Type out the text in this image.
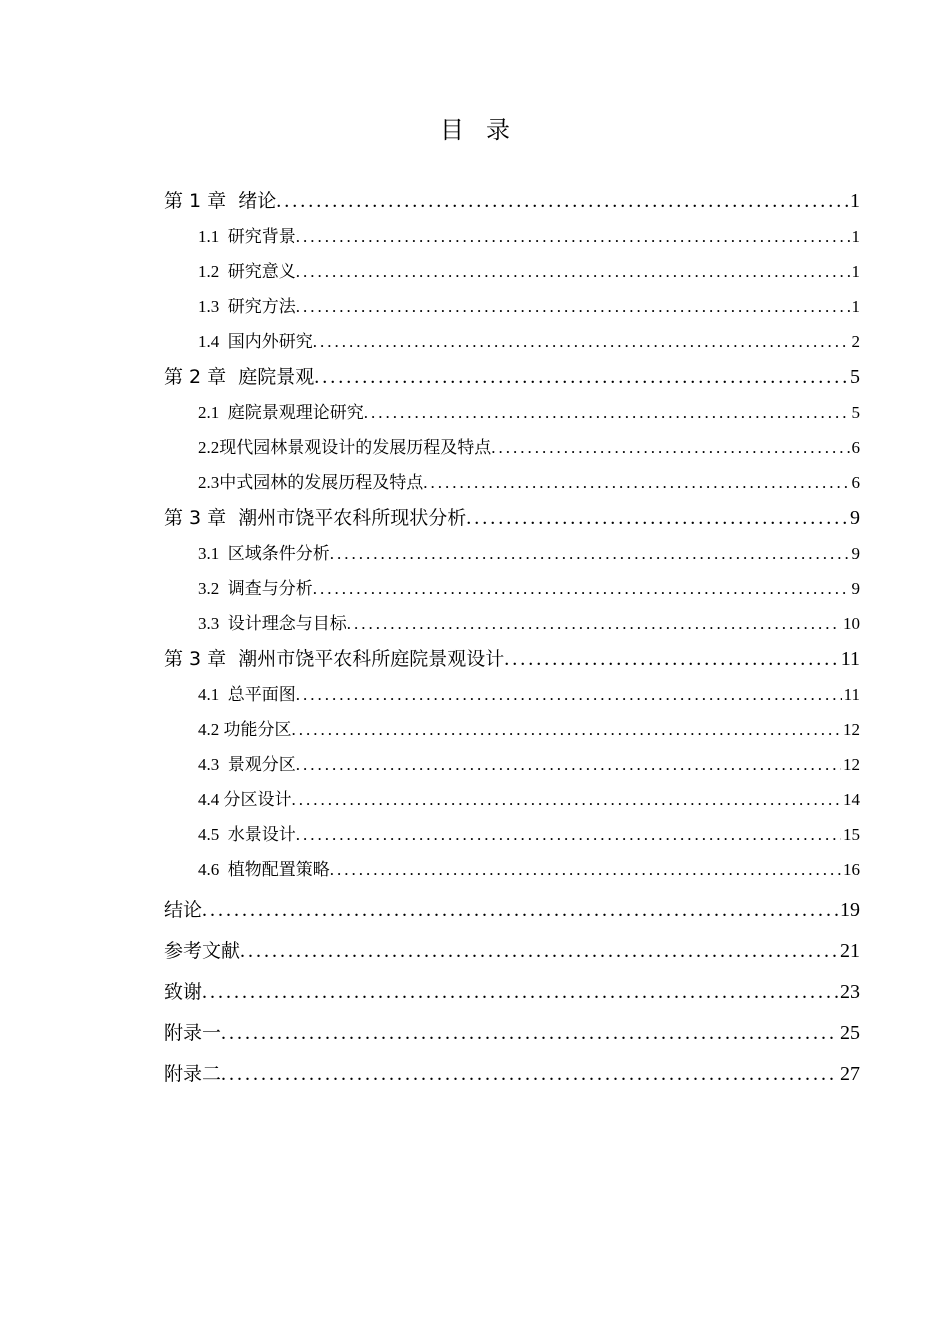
目 录
第 1 章 绪论 .....	1
1.1 研究背景 .....	1
1.2 研究意义 .....	1
1.3 研究方法 .....	1
1.4 国内外研究 .....	2
第 2 章 庭院景观 .....	5
2.1 庭院景观理论研究 .....	5
2.2现代园林景观设计的发展历程及特点 .....	6
2.3中式园林的发展历程及特点 .....	6
第 3 章 潮州市饶平农科所现状分析 .....	9
3.1 区域条件分析 .....	9
3.2 调查与分析 .....	9
3.3 设计理念与目标 .....	10
第 3 章 潮州市饶平农科所庭院景观设计 .....	11
4.1 总平面图 .....	11
4.2 功能分区 .....	12
4.3 景观分区 .....	12
4.4 分区设计 .....	14
4.5 水景设计 .....	15
4.6 植物配置策略 .....	16
结论 .....	19
参考文献 .....	21
致谢 .....	23
附录一 .....	25
附录二 .....	27
